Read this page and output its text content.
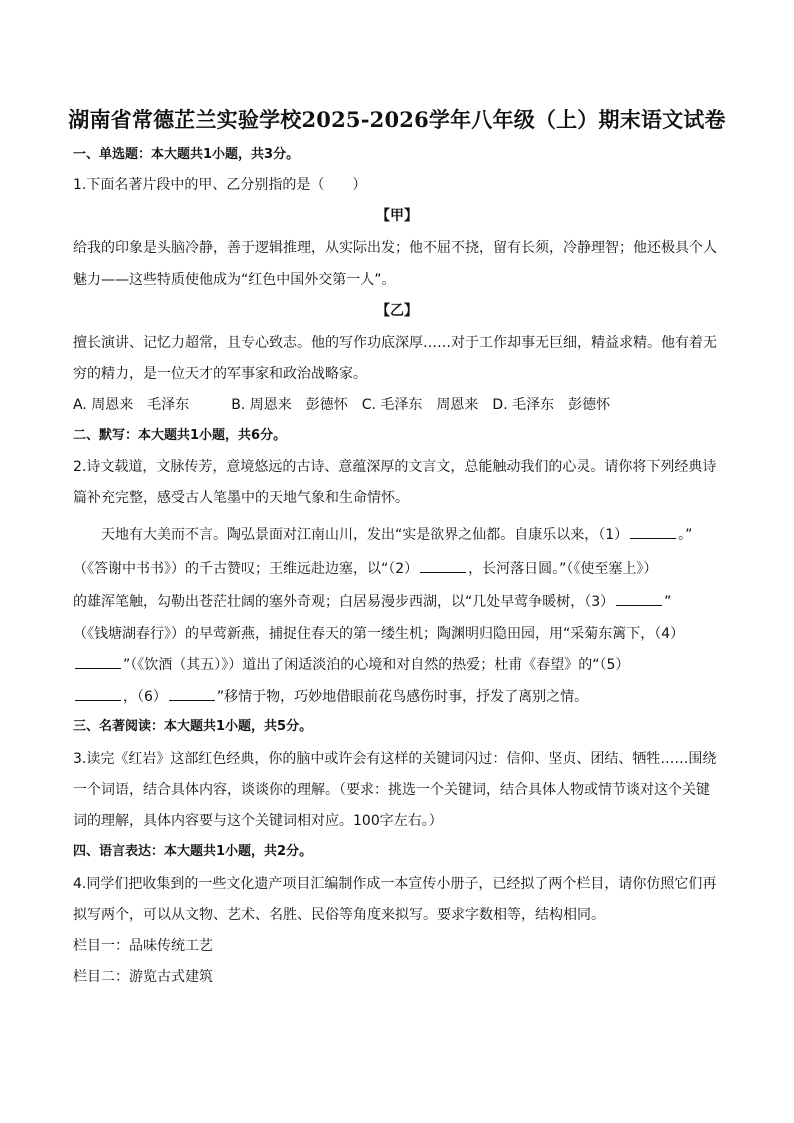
湖南省常德芷兰实验学校2025-2026学年八年级（上）期末语文试卷
一、单选题：本大题共1小题，共3分。
1.下面名著片段中的甲、乙分别指的是（　　）
【甲】
给我的印象是头脑冷静，善于逻辑推理，从实际出发；他不屈不挠，留有长须，冷静理智；他还极具个人
魅力——这些特质使他成为“红色中国外交第一人”。
【乙】
擅长演讲、记忆力超常，且专心致志。他的写作功底深厚……对于工作却事无巨细，精益求精。他有着无
穷的精力，是一位天才的军事家和政治战略家。
A. 周恩来　毛泽东　　　B. 周恩来　彭德怀　C. 毛泽东　周恩来　D. 毛泽东　彭德怀
二、默写：本大题共1小题，共6分。
2.诗文载道，文脉传芳，意境悠远的古诗、意蕴深厚的文言文，总能触动我们的心灵。请你将下列经典诗
篇补充完整，感受古人笔墨中的天地气象和生命情怀。
天地有大美而不言。陶弘景面对江南山川，发出“实是欲界之仙都。自康乐以来，（1）	。”
（《答谢中书书》）的千古赞叹；王维远赴边塞，以“（2）	，长河落日圆。”（《使至塞上》）
的雄浑笔触，勾勒出苍茫壮阔的塞外奇观；白居易漫步西湖，以“几处早莺争暖树，（3）	”
（《钱塘湖春行》）的早莺新燕，捕捉住春天的第一缕生机；陶渊明归隐田园，用“采菊东篱下，（4）
”（《饮酒（其五）》）道出了闲适淡泊的心境和对自然的热爱；杜甫《春望》的“（5）
，（6）	”移情于物，巧妙地借眼前花鸟感伤时事，抒发了离别之情。
三、名著阅读：本大题共1小题，共5分。
3.读完《红岩》这部红色经典，你的脑中或许会有这样的关键词闪过：信仰、坚贞、团结、牺牲……围绕
一个词语，结合具体内容，谈谈你的理解。（要求：挑选一个关键词，结合具体人物或情节谈对这个关键
词的理解，具体内容要与这个关键词相对应。100字左右。）
四、语言表达：本大题共1小题，共2分。
4.同学们把收集到的一些文化遗产项目汇编制作成一本宣传小册子，已经拟了两个栏目，请你仿照它们再
拟写两个，可以从文物、艺术、名胜、民俗等角度来拟写。要求字数相等，结构相同。
栏目一：品味传统工艺
栏目二：游览古式建筑
